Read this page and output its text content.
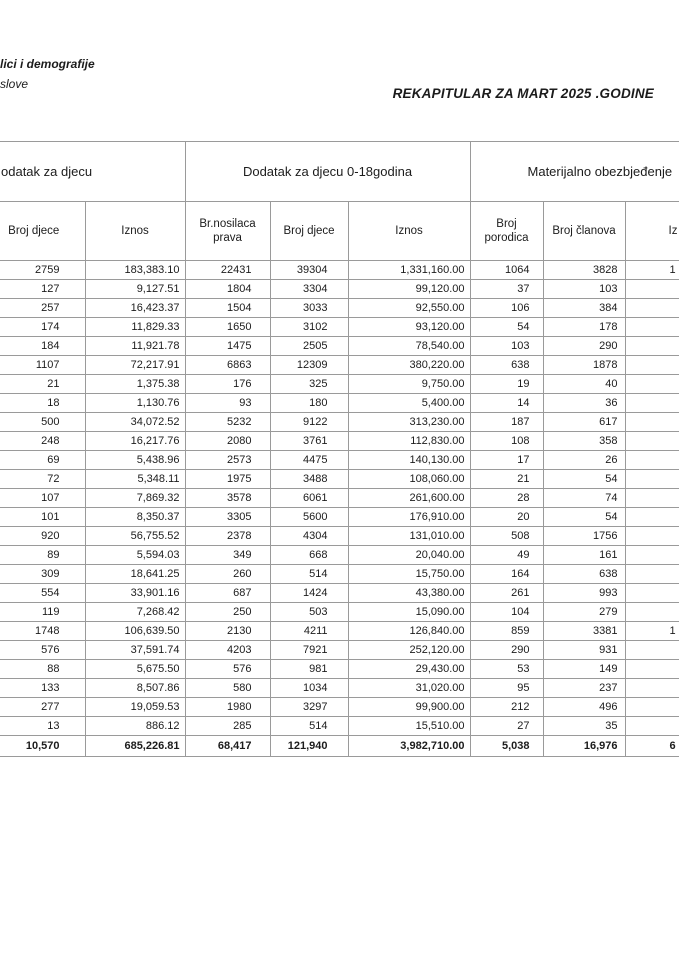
lici i demografije
slove
REKAPITULAR ZA MART 2025 .GODINE
odatak za djecu		Dodatak za djecu 0-18godina			Materijalno obezbjeđenje		
Broj djece	Iznos	Br.nosilaca prava	Broj djece	Iznos	Broj porodica	Broj članova	Iz
2759	183,383.10	22431	39304	1,331,160.00	1064	3828	1
127	9,127.51	1804	3304	99,120.00	37	103	
257	16,423.37	1504	3033	92,550.00	106	384	
174	11,829.33	1650	3102	93,120.00	54	178	
184	11,921.78	1475	2505	78,540.00	103	290	
1107	72,217.91	6863	12309	380,220.00	638	1878	
21	1,375.38	176	325	9,750.00	19	40	
18	1,130.76	93	180	5,400.00	14	36	
500	34,072.52	5232	9122	313,230.00	187	617	
248	16,217.76	2080	3761	112,830.00	108	358	
69	5,438.96	2573	4475	140,130.00	17	26	
72	5,348.11	1975	3488	108,060.00	21	54	
107	7,869.32	3578	6061	261,600.00	28	74	
101	8,350.37	3305	5600	176,910.00	20	54	
920	56,755.52	2378	4304	131,010.00	508	1756	
89	5,594.03	349	668	20,040.00	49	161	
309	18,641.25	260	514	15,750.00	164	638	
554	33,901.16	687	1424	43,380.00	261	993	
119	7,268.42	250	503	15,090.00	104	279	
1748	106,639.50	2130	4211	126,840.00	859	3381	1
576	37,591.74	4203	7921	252,120.00	290	931	
88	5,675.50	576	981	29,430.00	53	149	
133	8,507.86	580	1034	31,020.00	95	237	
277	19,059.53	1980	3297	99,900.00	212	496	
13	886.12	285	514	15,510.00	27	35	
10,570	685,226.81	68,417	121,940	3,982,710.00	5,038	16,976	6
